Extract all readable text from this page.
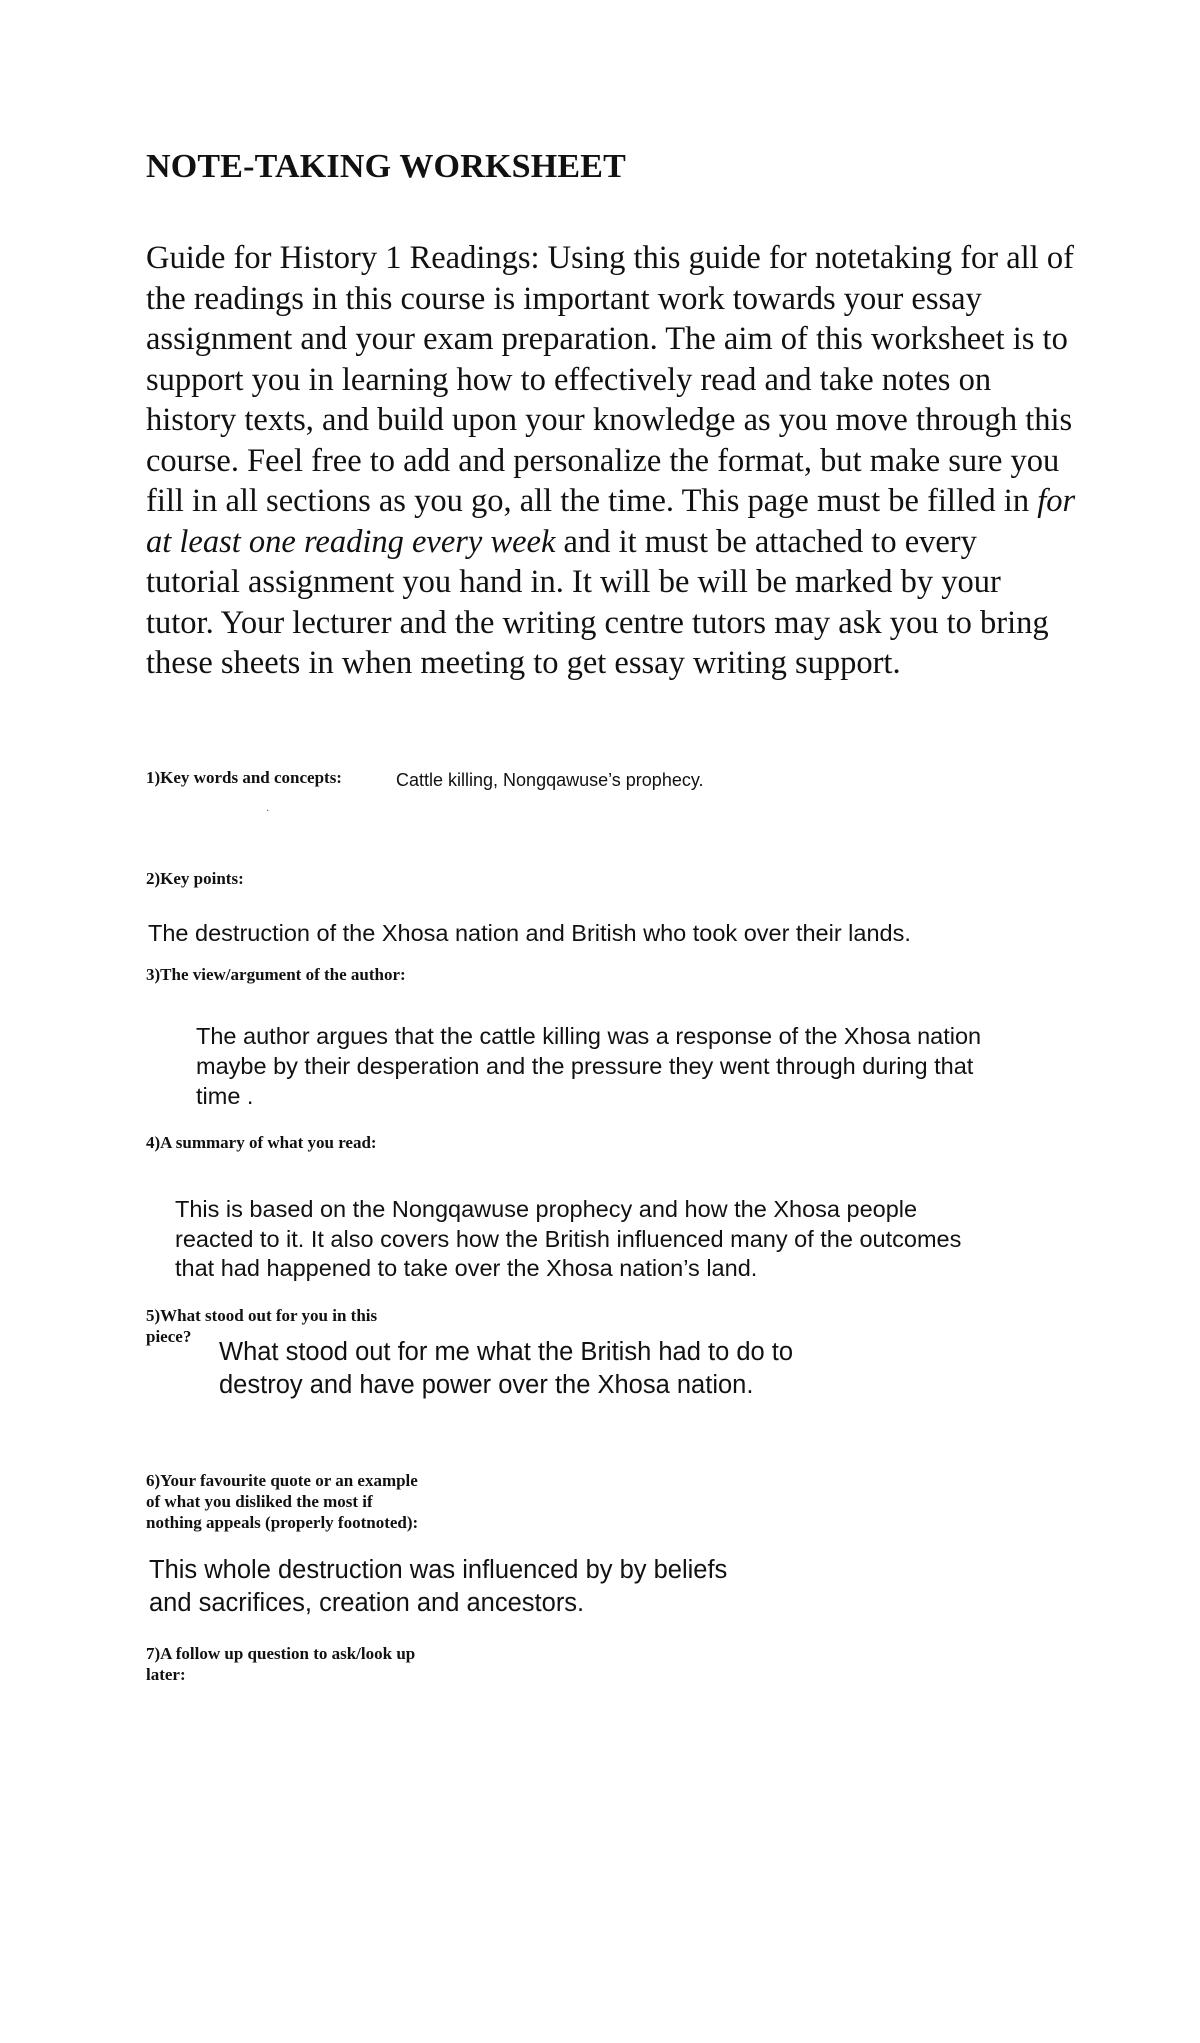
NOTE-TAKING WORKSHEET
Guide for History 1 Readings: Using this guide for notetaking for all of the readings in this course is important work towards your essay assignment and your exam preparation. The aim of this worksheet is to support you in learning how to effectively read and take notes on history texts, and build upon your knowledge as you move through this course. Feel free to add and personalize the format, but make sure you fill in all sections as you go, all the time. This page must be filled in for at least one reading every week and it must be attached to every tutorial assignment you hand in. It will be will be marked by your tutor. Your lecturer and the writing centre tutors may ask you to bring these sheets in when meeting to get essay writing support.
1)Key words and concepts:	Cattle killing, Nongqawuse’s prophecy.
·
2)Key points:
The destruction of the Xhosa nation and British who took over their lands.
3)The view/argument of the author:
The author argues that the cattle killing was a response of the Xhosa nation
maybe by their desperation and the pressure they went through during that
time .
4)A summary of what you read:
This is based on the Nongqawuse prophecy and how the Xhosa people
reacted to it. It also covers how the British influenced many of the outcomes
that had happened to take over the Xhosa nation’s land.
5)What stood out for you in this
piece?
What stood out for me what the British had to do to
destroy and have power over the Xhosa nation.
6)Your favourite quote or an example
of what you disliked the most if
nothing appeals (properly footnoted):
This whole destruction was influenced by by beliefs
and sacrifices, creation and ancestors.
7)A follow up question to ask/look up
later:
